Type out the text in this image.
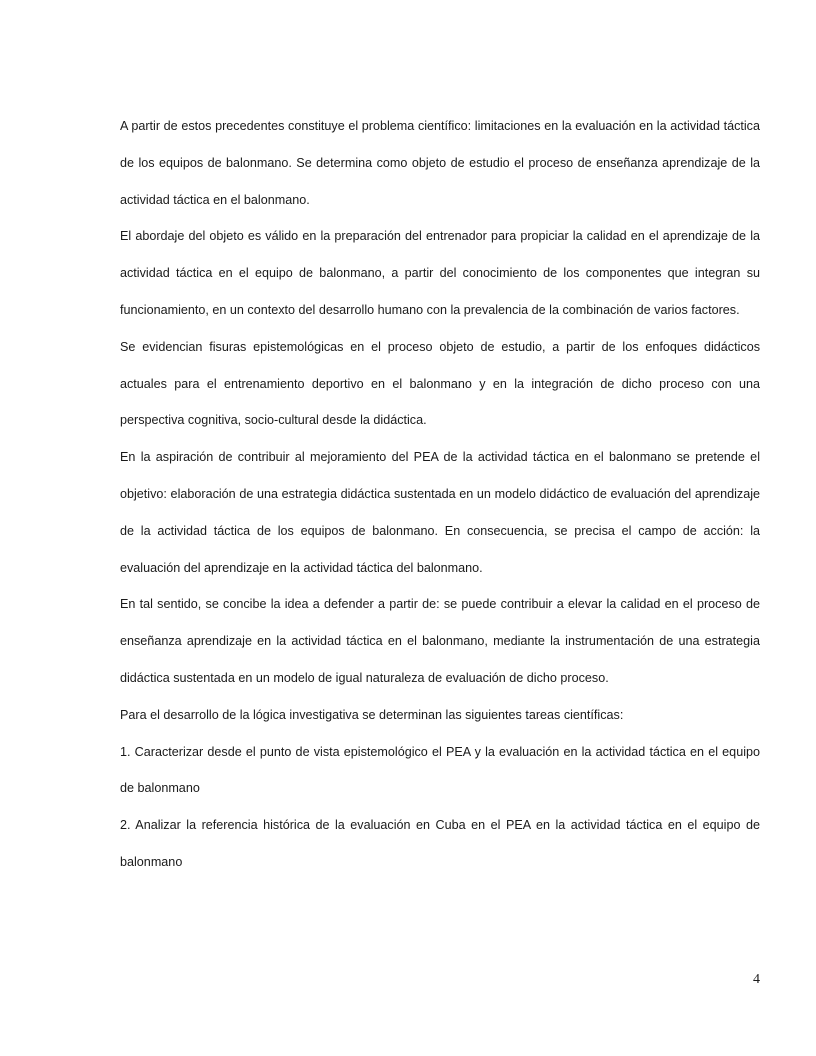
A partir de estos precedentes constituye el problema científico: limitaciones en la evaluación en la actividad táctica de los equipos de balonmano. Se determina como objeto de estudio el proceso de enseñanza aprendizaje de la actividad táctica en el balonmano.

El abordaje del objeto es válido en la preparación del entrenador para propiciar la calidad en el aprendizaje de la actividad táctica en el equipo de balonmano, a partir del conocimiento de los componentes que integran su funcionamiento, en un contexto del desarrollo humano con la prevalencia de la combinación de varios factores.

Se evidencian fisuras epistemológicas en el proceso objeto de estudio, a partir de los enfoques didácticos actuales para el entrenamiento deportivo en el balonmano y en la integración de dicho proceso con una perspectiva cognitiva, socio-cultural desde la didáctica.

En la aspiración de contribuir al mejoramiento del PEA de la actividad táctica en el balonmano se pretende el objetivo: elaboración de una estrategia didáctica sustentada en un modelo didáctico de evaluación del aprendizaje de la actividad táctica de los equipos de balonmano. En consecuencia, se precisa el campo de acción: la evaluación del aprendizaje en la actividad táctica del balonmano.

En tal sentido, se concibe la idea a defender a partir de: se puede contribuir a elevar la calidad en el proceso de enseñanza aprendizaje en la actividad táctica en el balonmano, mediante la instrumentación de una estrategia didáctica sustentada en un modelo de igual naturaleza de evaluación de dicho proceso.

Para el desarrollo de la lógica investigativa se determinan las siguientes tareas científicas:

1. Caracterizar desde el punto de vista epistemológico el PEA y la evaluación en la actividad táctica en el equipo de balonmano

2. Analizar la referencia histórica de la evaluación en Cuba en el PEA en la actividad táctica en el equipo de balonmano

4
